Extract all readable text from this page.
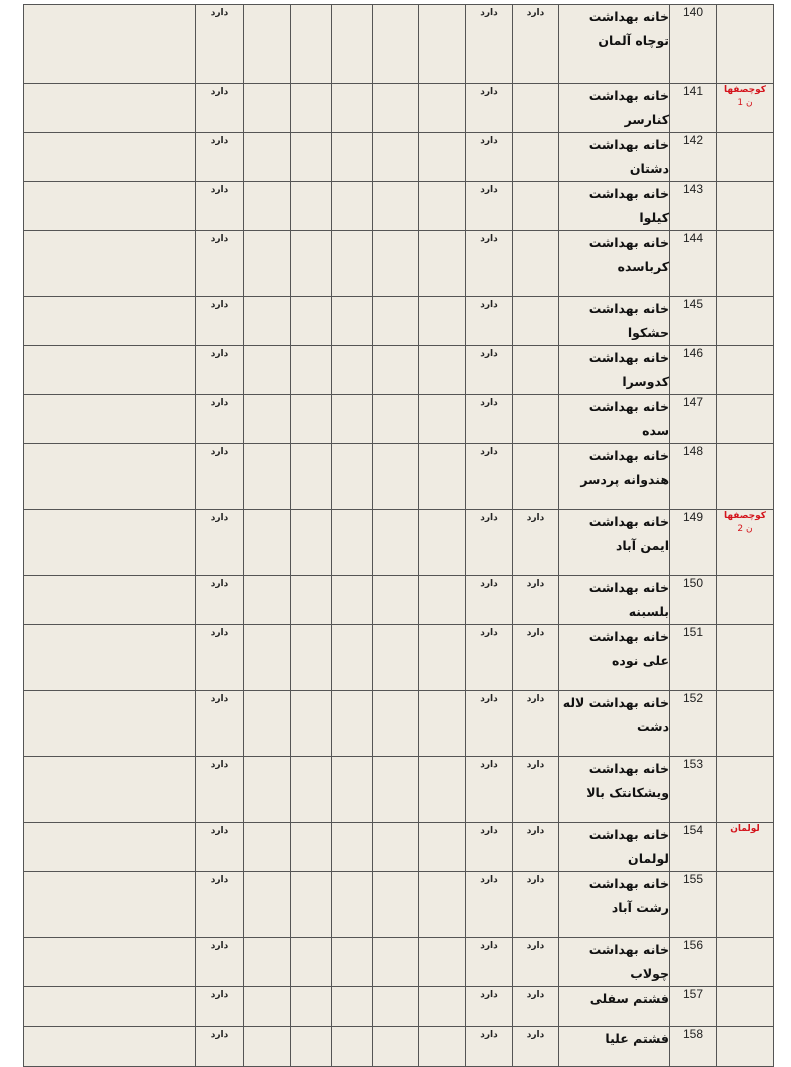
	دارد						دارد	دارد	خانه بهداشت توچاه آلمان	140	

	دارد						دارد		خانه بهداشت کنارسر	141	کوچصفها
ن 1

	دارد						دارد		خانه بهداشت دشتان	142	

	دارد						دارد		خانه بهداشت کیلوا	143	

	دارد						دارد		خانه بهداشت کرباسده	144	

	دارد						دارد		خانه بهداشت حشکوا	145	

	دارد						دارد		خانه بهداشت کدوسرا	146	

	دارد						دارد		خانه بهداشت سده	147	

	دارد						دارد		خانه بهداشت هندوانه پردسر	148	

	دارد						دارد	دارد	خانه بهداشت ایمن آباد	149	کوچصفها
ن 2

	دارد						دارد	دارد	خانه بهداشت بلسبنه	150	

	دارد						دارد	دارد	خانه بهداشت علی نوده	151	

	دارد						دارد	دارد	خانه بهداشت لاله دشت	152	

	دارد						دارد	دارد	خانه بهداشت ویشکانتک بالا	153	

	دارد						دارد	دارد	خانه بهداشت لولمان	154	لولمان

	دارد						دارد	دارد	خانه بهداشت رشت آباد	155	

	دارد						دارد	دارد	خانه بهداشت چولاب	156	

	دارد						دارد	دارد	فشتم سفلی	157	

	دارد						دارد	دارد	فشتم علیا	158	
